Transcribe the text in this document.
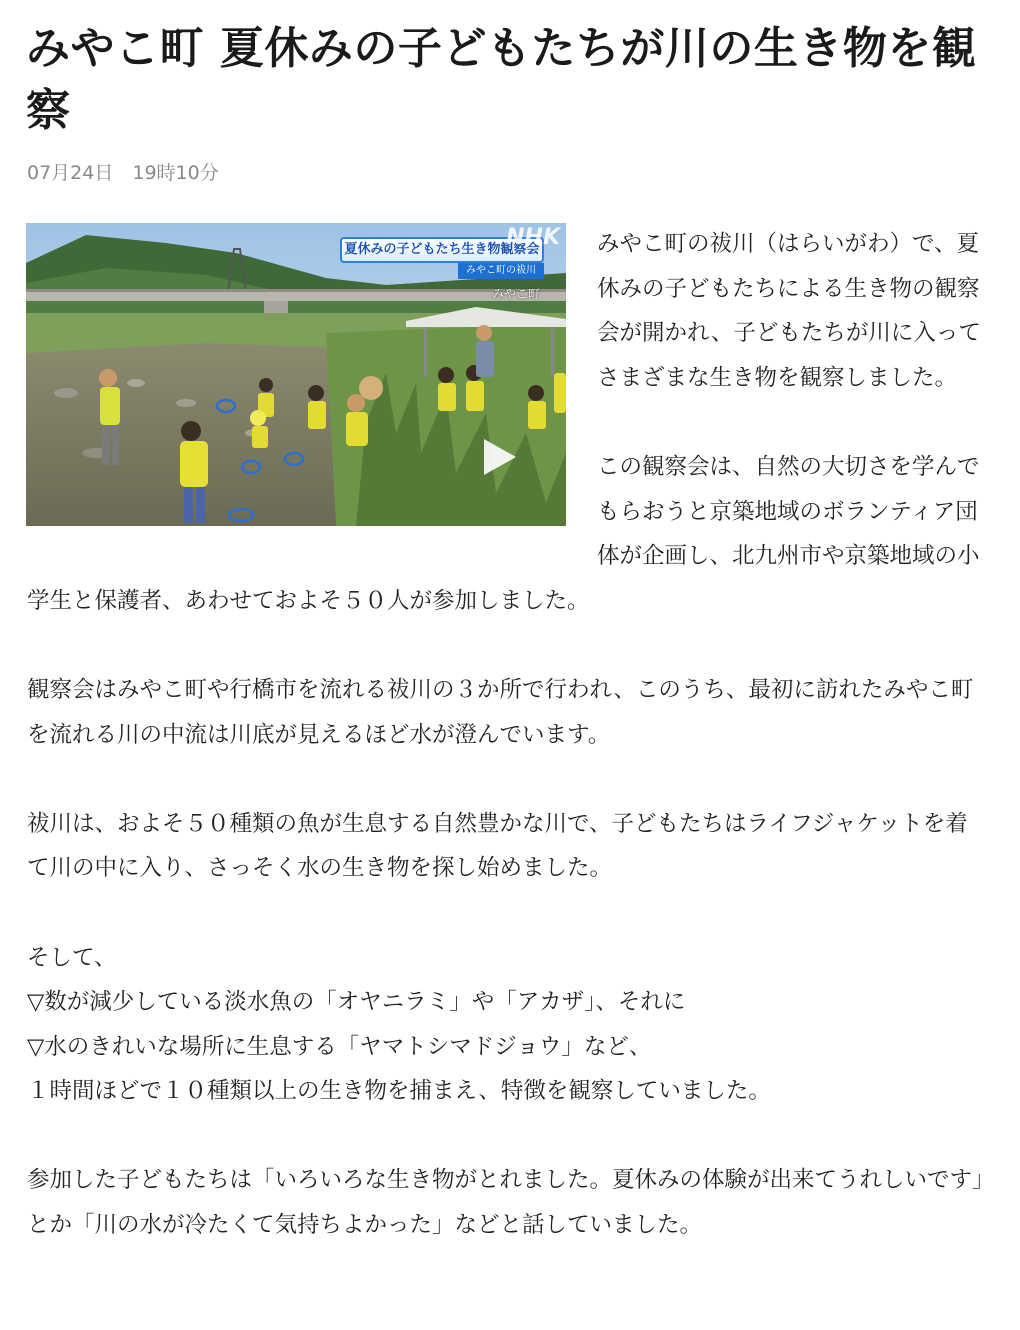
みやこ町 夏休みの子どもたちが川の生き物を観察
07月24日　19時10分
夏休みの子どもたち生き物観察会
みやこ町の祓川
NHK
みやこ町

みやこ町の祓川（はらいがわ）で、夏休みの子どもたちによる生き物の観察会が開かれ、子どもたちが川に入ってさまざまな生き物を観察しました。

この観察会は、自然の大切さを学んでもらおうと京築地域のボランティア団体が企画し、北九州市や京築地域の小学生と保護者、あわせておよそ５０人が参加しました。

観察会はみやこ町や行橋市を流れる祓川の３か所で行われ、このうち、最初に訪れたみやこ町を流れる川の中流は川底が見えるほど水が澄んでいます。

祓川は、およそ５０種類の魚が生息する自然豊かな川で、子どもたちはライフジャケットを着て川の中に入り、さっそく水の生き物を探し始めました。

そして、
▽数が減少している淡水魚の「オヤニラミ」や「アカザ」、それに
▽水のきれいな場所に生息する「ヤマトシマドジョウ」など、
１時間ほどで１０種類以上の生き物を捕まえ、特徴を観察していました。

参加した子どもたちは「いろいろな生き物がとれました。夏休みの体験が出来てうれしいです」とか「川の水が冷たくて気持ちよかった」などと話していました。
